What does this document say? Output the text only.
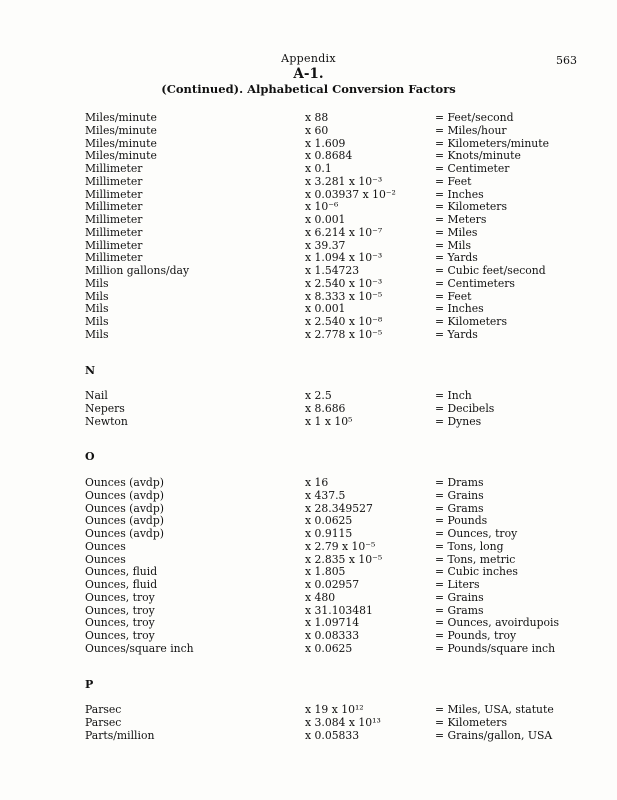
Appendix	563
A-1.
(Continued). Alphabetical Conversion Factors
Miles/minute	x 88	= Feet/second
Miles/minute	x 60	= Miles/hour
Miles/minute	x 1.609	= Kilometers/minute
Miles/minute	x 0.8684	= Knots/minute
Millimeter	x 0.1	= Centimeter
Millimeter	x 3.281 x 10⁻³	= Feet
Millimeter	x 0.03937 x 10⁻²	= Inches
Millimeter	x 10⁻⁶	= Kilometers
Millimeter	x 0.001	= Meters
Millimeter	x 6.214 x 10⁻⁷	= Miles
Millimeter	x 39.37	= Mils
Millimeter	x 1.094 x 10⁻³	= Yards
Million gallons/day	x 1.54723	= Cubic feet/second
Mils	x 2.540 x 10⁻³	= Centimeters
Mils	x 8.333 x 10⁻⁵	= Feet
Mils	x 0.001	= Inches
Mils	x 2.540 x 10⁻⁸	= Kilometers
Mils	x 2.778 x 10⁻⁵	= Yards
N
Nail	x 2.5	= Inch
Nepers	x 8.686	= Decibels
Newton	x 1 x 10⁵	= Dynes
O
Ounces (avdp)	x 16	= Drams
Ounces (avdp)	x 437.5	= Grains
Ounces (avdp)	x 28.349527	= Grams
Ounces (avdp)	x 0.0625	= Pounds
Ounces (avdp)	x 0.9115	= Ounces, troy
Ounces	x 2.79 x 10⁻⁵	= Tons, long
Ounces	x 2.835 x 10⁻⁵	= Tons, metric
Ounces, fluid	x 1.805	= Cubic inches
Ounces, fluid	x 0.02957	= Liters
Ounces, troy	x 480	= Grains
Ounces, troy	x 31.103481	= Grams
Ounces, troy	x 1.09714	= Ounces, avoirdupois
Ounces, troy	x 0.08333	= Pounds, troy
Ounces/square inch	x 0.0625	= Pounds/square inch
P
Parsec	x 19 x 10¹²	= Miles, USA, statute
Parsec	x 3.084 x 10¹³	= Kilometers
Parts/million	x 0.05833	= Grains/gallon, USA
